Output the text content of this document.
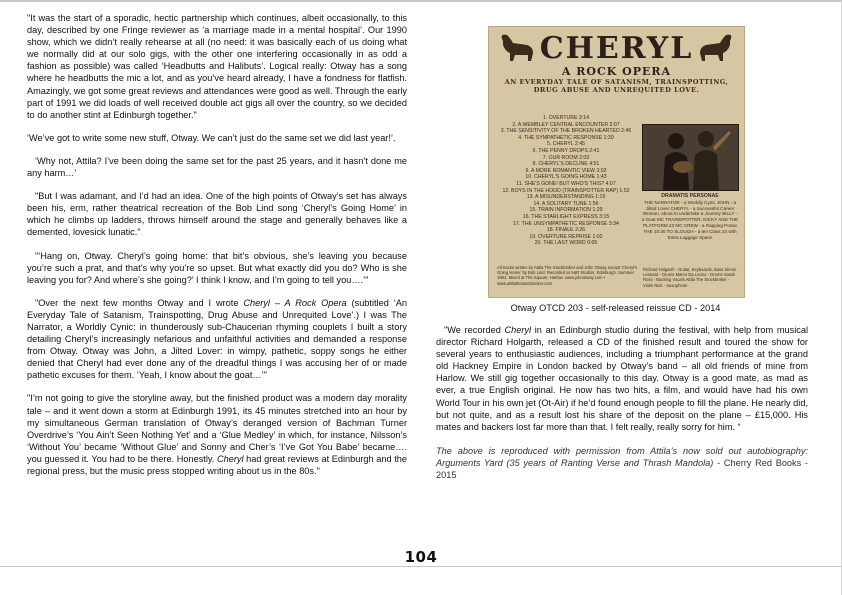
"It was the start of a sporadic, hectic partnership which continues, albeit occasionally, to this day, described by one Fringe reviewer as ‘a marriage made in a mental hospital’. Our 1990 show, which we didn’t really rehearse at all (no need: it was basically each of us doing what we normally did at our solo gigs, with the other one interfering occasionally in as odd a fashion as possible) was called ‘Headbutts and Halibuts’. Logical really: Otway has a song where he headbutts the mic a lot, and as you’ve heard already, I have a fondness for flatfish. Amazingly, we got some great reviews and attendances were good as well. Through the early part of 1991 we did loads of well received double act gigs all over the country, so we decided to do another stint at Edinburgh together."

‘We’ve got to write some new stuff, Otway. We can’t just do the same set we did last year!’.

‘Why not, Attila? I’ve been doing the same set for the past 25 years, and it hasn’t done me any harm…’

"But I was adamant, and I’d had an idea. One of the high points of Otway’s set has always been his, erm, rather theatrical recreation of the Bob Lind song ‘Cheryl’s Going Home’ in which he climbs up ladders, throws himself around the stage and generally behaves like a demented, lovesick lunatic."

"‘Hang on, Otway. Cheryl’s going home: that bit’s obvious, she’s leaving you because you’re such a prat, and that’s why you’re so upset. But what exactly did you do? Who is she leaving you for? And where’s she going?’ I think I know, and I’m going to tell you….’"

"Over the next few months Otway and I wrote Cheryl – A Rock Opera (subtitled ‘An Everyday Tale of Satanism, Trainspotting, Drug Abuse and Unrequited Love’.) I was The Narrator, a Worldly Cynic: in thunderously sub-Chaucerian rhyming couplets I built a story detailing Cheryl’s increasingly nefarious and unfaithful activities and demanded a response from Otway. Otway was John, a Jilted Lover: in wimpy, pathetic, soppy songs he either denied that Cheryl had ever done any of the dreadful things I was accusing her of or made pathetic excuses for them. ‘Yeah, I know about the goat…’"

"I’m not going to give the storyline away, but the finished product was a modern day morality tale – and it went down a storm at Edinburgh 1991, its 45 minutes stretched into an hour by my simultaneous German translation of Otway’s deranged version of Bachman Turner Overdrive’s ‘You Ain’t Seen Nothing Yet’ and a ‘Glue Medley’ in which, for instance, Nilsson’s ‘Without You’ became ‘Without Glue’ and Sonny and Cher’s ‘I’ve Got You Babe’ became…. you guessed it. You had to be there. Honestly. Cheryl had great reviews at Edinburgh and the regional press, but the music press stopped writing about us in the 80s."

CHERYL
A ROCK OPERA
AN EVERYDAY TALE OF SATANISM, TRAINSPOTTING, DRUG ABUSE AND UNREQUITED LOVE.
1. OVERTURE 3:14
2. A WEMBLEY CENTRAL ENCOUNTER 2:07
3. THE SENSITIVITY OF THE BROKEN HEARTED 2:46
4. THE SYMPATHETIC RESPONSE 1:39
5. CHERYL 2:45
6. THE PENNY DROPS 2:41
7. OUR ROOM 2:03
8. CHERYL'S DECLINE 4:51
9. A MORE ROMANTIC VIEW 3:02
10. CHERYL'S GOING HOME 1:43
11. SHE'S GONE! BUT WHO'S THIS? 4:07
12. BOYS IN THE HOOD (TRAINSPOTTER RAP) 1:52
13. A MISUNDERSTANDING 1:19
14. A SOLITARY TUNE 1:56
15. TRAIN INFORMATION 1:29
16. THE STARLIGHT EXPRESS 3:15
17. THE UNSYMPATHETIC RESPONSE 3:34
18. FINALE 2:26
19. OVERTURE REPRISE 1:02
20. THE LAST WORD 0:05
DRAMATIS PERSONAE
THE NARRATOR - a Worldly Cynic JOHN - a Jilted Lover CHERYL - a Successful Career Woman, about to undertake a Journey BILLY - a Goat MC TRAINSPOTTER, NICKY AND THE PLATFORM 23 MC CREW - a Rapping Posse THE 10:30 TO SLOUGH - a ten Class 23 with Extra Luggage Space
All tracks written by Attila The Stockbroker and John Otway except 'Cheryl's Going Home' by Bob Lind. Recorded at A&R Studios, Edinburgh, Summer 1991. Mixed at The Square, Harlow. www.johnotway.com • www.attilathestockbroker.com
Richard Holgarth - Guitar, Keyboards, Bass Simon Leonard - Drums Marco Da Leone - Drums Sarah Ross - Backing Vocals Attila The Stockbroker - Violin Nick - Saxophone
Otway OTCD 203 - self-released reissue CD - 2014

"We recorded Cheryl in an Edinburgh studio during the festival, with help from musical director Richard Holgarth, released a CD of the finished result and toured the show for several years to enthusiastic audiences, including a triumphant performance at the grand old Hackney Empire in London backed by Otway’s band – all old friends of mine from Harlow. We still gig together occasionally to this day. Otway is a good mate, as mad as ever, a true English original. He now has two hits, a film, and would have had his own World Tour in his own jet (Ot-Air) if he’d found enough people to fill the plane. He nearly did, but not quite, and as a result lost his share of the deposit on the plane – £15,000. His mates and backers lost far more than that. I felt really, really sorry for him. “

The above is reproduced with permission from Attila’s now sold out autobiography: Arguments Yard (35 years of Ranting Verse and Thrash Mandola) - Cherry Red Books - 2015

104
